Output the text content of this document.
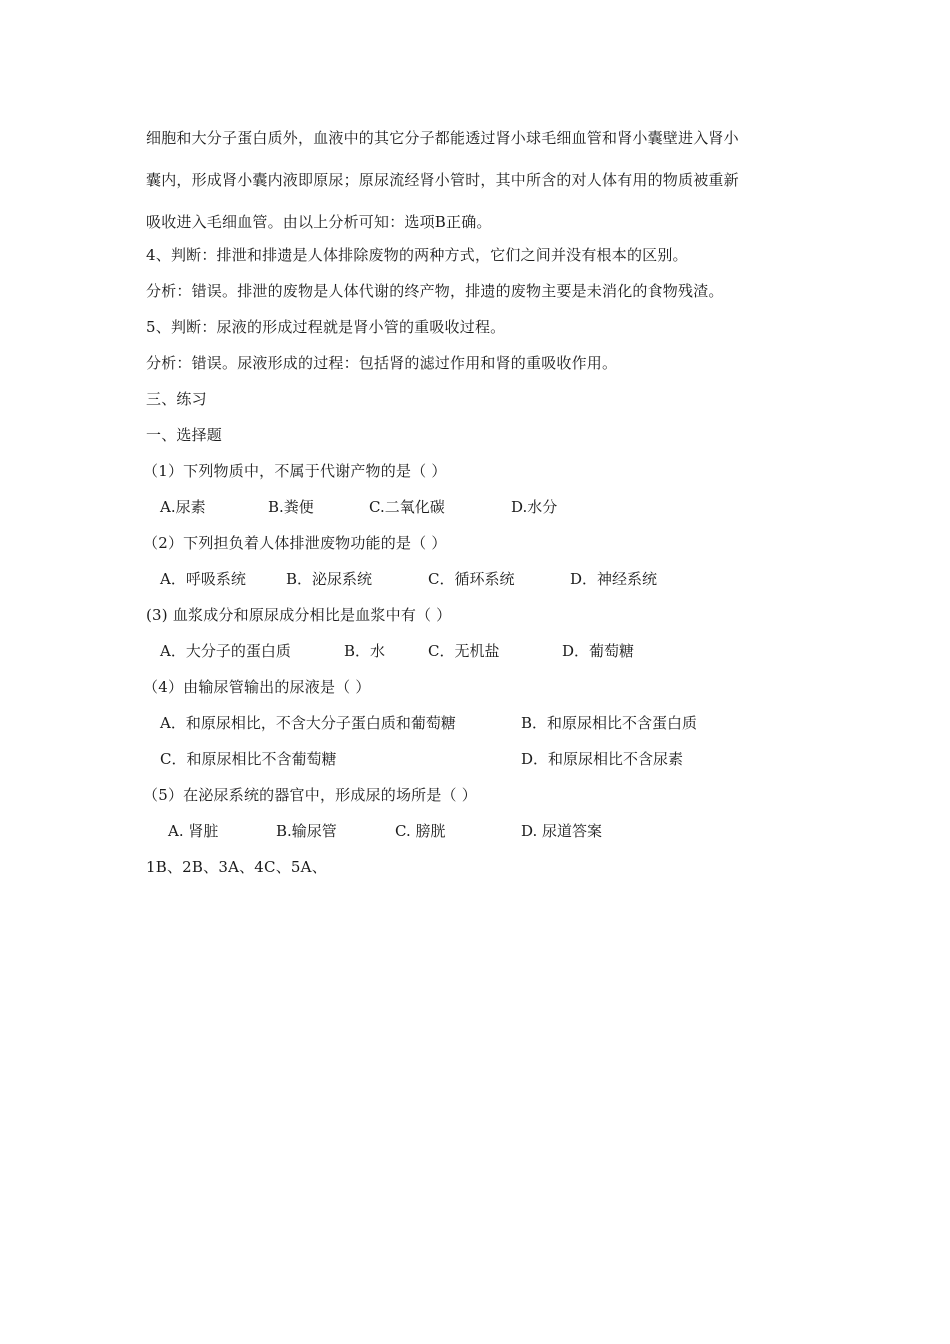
细胞和大分子蛋白质外，血液中的其它分子都能透过肾小球毛细血管和肾小囊壁进入肾小
囊内，形成肾小囊内液即原尿；原尿流经肾小管时，其中所含的对人体有用的物质被重新
吸收进入毛细血管。由以上分析可知：选项B正确。
4、判断：排泄和排遗是人体排除废物的两种方式，它们之间并没有根本的区别。
分析：错误。排泄的废物是人体代谢的终产物，排遗的废物主要是未消化的食物残渣。
5、判断：尿液的形成过程就是肾小管的重吸收过程。
分析：错误。尿液形成的过程：包括肾的滤过作用和肾的重吸收作用。
三、练习
一、选择题
（1）下列物质中，不属于代谢产物的是（ ）
A.尿素	B.粪便	C.二氧化碳	D.水分
（2）下列担负着人体排泄废物功能的是（ ）
A．呼吸系统	B．泌尿系统	C．循环系统	D．神经系统
(3) 血浆成分和原尿成分相比是血浆中有（ ）
A．大分子的蛋白质	B．水	C．无机盐	D．葡萄糖
（4）由输尿管输出的尿液是（ ）
A．和原尿相比，不含大分子蛋白质和葡萄糖	B．和原尿相比不含蛋白质
C．和原尿相比不含葡萄糖	D．和原尿相比不含尿素
（5）在泌尿系统的器官中，形成尿的场所是（ ）
A. 肾脏	B.输尿管	C. 膀胱	D. 尿道答案
1B、2B、3A、4C、5A、
